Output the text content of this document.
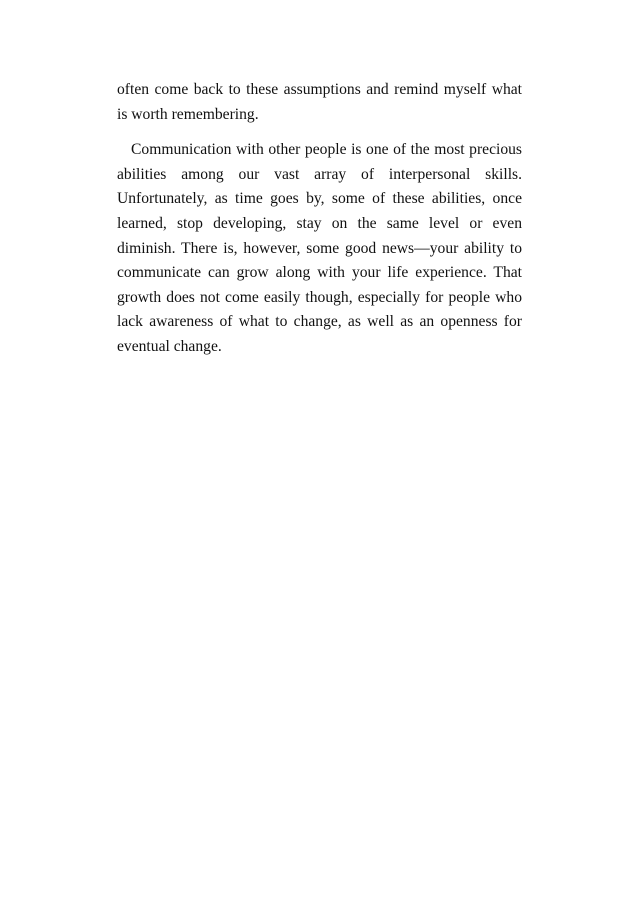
often come back to these assumptions and remind myself what is worth remembering.

Communication with other people is one of the most precious abilities among our vast array of interpersonal skills. Unfortunately, as time goes by, some of these abilities, once learned, stop developing, stay on the same level or even diminish. There is, however, some good news—your ability to communicate can grow along with your life experience. That growth does not come easily though, especially for people who lack awareness of what to change, as well as an openness for eventual change.
